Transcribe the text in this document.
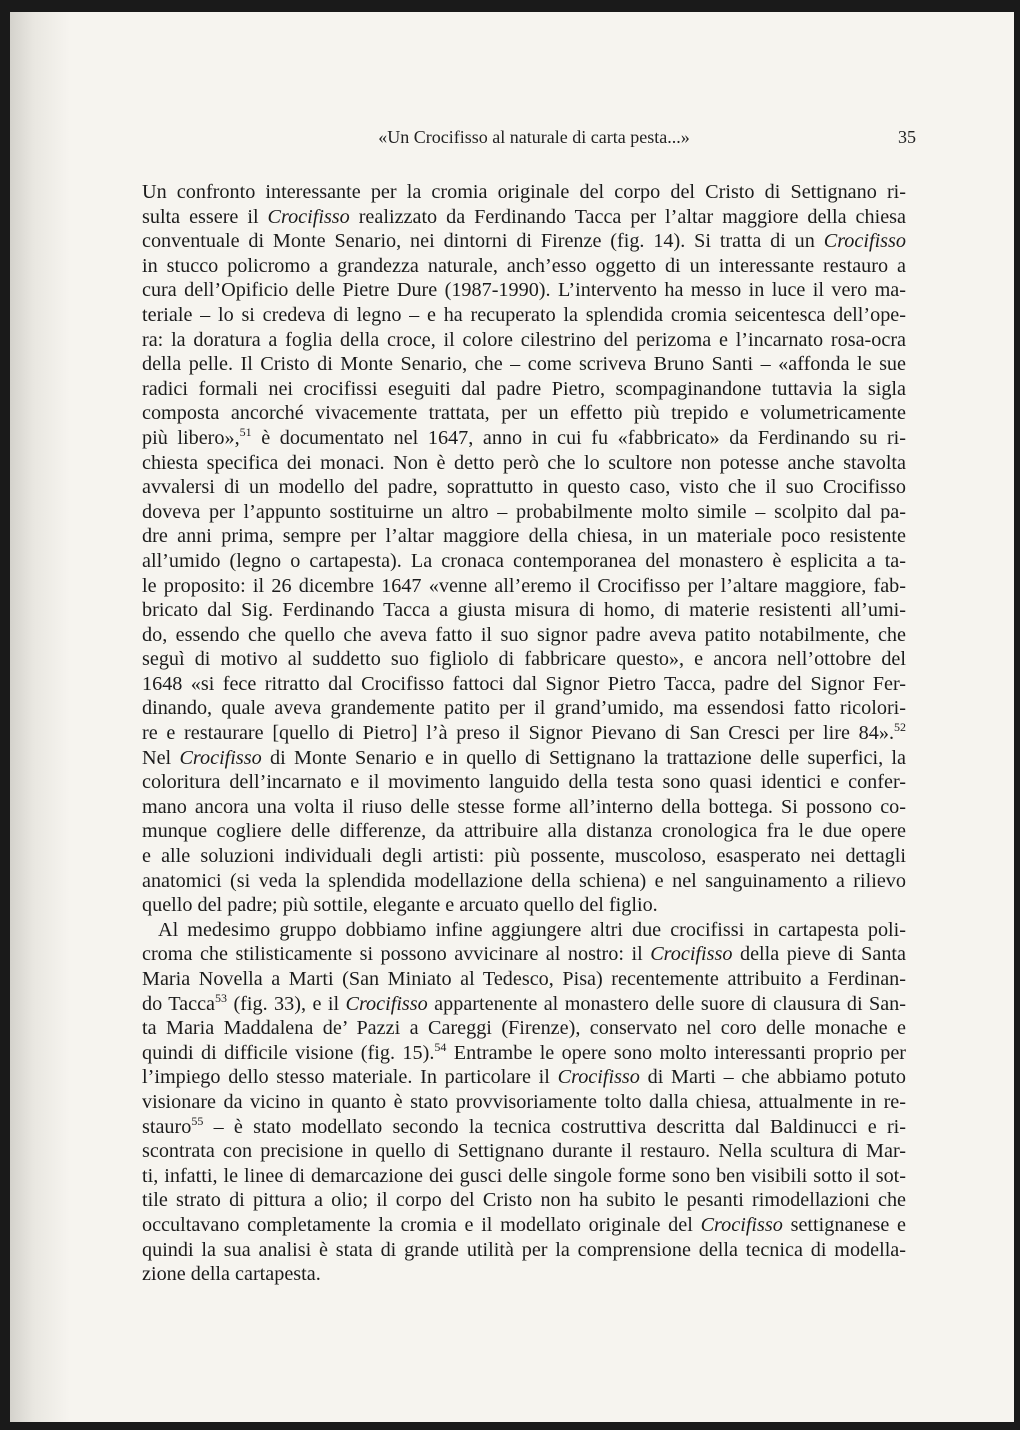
«Un Crocifisso al naturale di carta pesta...»	35
Un confronto interessante per la cromia originale del corpo del Cristo di Settignano ri-
sulta essere il Crocifisso realizzato da Ferdinando Tacca per l’altar maggiore della chiesa
conventuale di Monte Senario, nei dintorni di Firenze (fig. 14). Si tratta di un Crocifisso
in stucco policromo a grandezza naturale, anch’esso oggetto di un interessante restauro a
cura dell’Opificio delle Pietre Dure (1987-1990). L’intervento ha messo in luce il vero ma-
teriale – lo si credeva di legno – e ha recuperato la splendida cromia seicentesca dell’ope-
ra: la doratura a foglia della croce, il colore cilestrino del perizoma e l’incarnato rosa-ocra
della pelle. Il Cristo di Monte Senario, che – come scriveva Bruno Santi – «affonda le sue
radici formali nei crocifissi eseguiti dal padre Pietro, scompaginandone tuttavia la sigla
composta ancorché vivacemente trattata, per un effetto più trepido e volumetricamente
più libero»,$^{51}$ è documentato nel 1647, anno in cui fu «fabbricato» da Ferdinando su ri-
chiesta specifica dei monaci. Non è detto però che lo scultore non potesse anche stavolta
avvalersi di un modello del padre, soprattutto in questo caso, visto che il suo Crocifisso
doveva per l’appunto sostituirne un altro – probabilmente molto simile – scolpito dal pa-
dre anni prima, sempre per l’altar maggiore della chiesa, in un materiale poco resistente
all’umido (legno o cartapesta). La cronaca contemporanea del monastero è esplicita a ta-
le proposito: il 26 dicembre 1647 «venne all’eremo il Crocifisso per l’altare maggiore, fab-
bricato dal Sig. Ferdinando Tacca a giusta misura di homo, di materie resistenti all’umi-
do, essendo che quello che aveva fatto il suo signor padre aveva patito notabilmente, che
seguì di motivo al suddetto suo figliolo di fabbricare questo», e ancora nell’ottobre del
1648 «si fece ritratto dal Crocifisso fattoci dal Signor Pietro Tacca, padre del Signor Fer-
dinando, quale aveva grandemente patito per il grand’umido, ma essendosi fatto ricolori-
re e restaurare [quello di Pietro] l’à preso il Signor Pievano di San Cresci per lire 84».$^{52}$
Nel Crocifisso di Monte Senario e in quello di Settignano la trattazione delle superfici, la
coloritura dell’incarnato e il movimento languido della testa sono quasi identici e confer-
mano ancora una volta il riuso delle stesse forme all’interno della bottega. Si possono co-
munque cogliere delle differenze, da attribuire alla distanza cronologica fra le due opere
e alle soluzioni individuali degli artisti: più possente, muscoloso, esasperato nei dettagli
anatomici (si veda la splendida modellazione della schiena) e nel sanguinamento a rilievo
quello del padre; più sottile, elegante e arcuato quello del figlio.
Al medesimo gruppo dobbiamo infine aggiungere altri due crocifissi in cartapesta poli-
croma che stilisticamente si possono avvicinare al nostro: il Crocifisso della pieve di Santa
Maria Novella a Marti (San Miniato al Tedesco, Pisa) recentemente attribuito a Ferdinan-
do Tacca$^{53}$ (fig. 33), e il Crocifisso appartenente al monastero delle suore di clausura di San-
ta Maria Maddalena de’ Pazzi a Careggi (Firenze), conservato nel coro delle monache e
quindi di difficile visione (fig. 15).$^{54}$ Entrambe le opere sono molto interessanti proprio per
l’impiego dello stesso materiale. In particolare il Crocifisso di Marti – che abbiamo potuto
visionare da vicino in quanto è stato provvisoriamente tolto dalla chiesa, attualmente in re-
stauro$^{55}$ – è stato modellato secondo la tecnica costruttiva descritta dal Baldinucci e ri-
scontrata con precisione in quello di Settignano durante il restauro. Nella scultura di Mar-
ti, infatti, le linee di demarcazione dei gusci delle singole forme sono ben visibili sotto il sot-
tile strato di pittura a olio; il corpo del Cristo non ha subito le pesanti rimodellazioni che
occultavano completamente la cromia e il modellato originale del Crocifisso settignanese e
quindi la sua analisi è stata di grande utilità per la comprensione della tecnica di modella-
zione della cartapesta.
